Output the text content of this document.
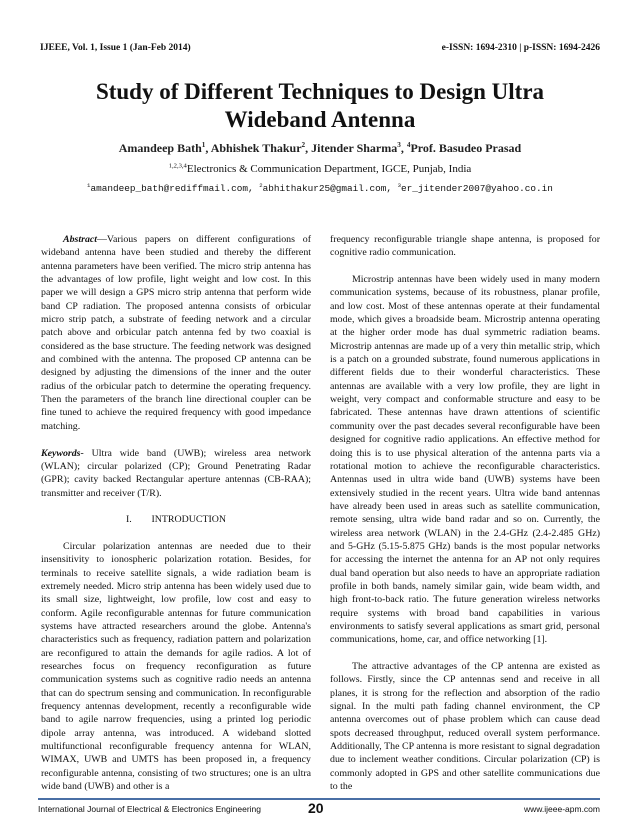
IJEEE, Vol. 1, Issue 1 (Jan-Feb 2014)	e-ISSN: 1694-2310 | p-ISSN: 1694-2426
Study of Different Techniques to Design Ultra
Wideband Antenna
Amandeep Bath$^1$, Abhishek Thakur$^2$, Jitender Sharma$^3$, $^4$Prof. Basudeo Prasad
$^{1,2,3,4}$Electronics & Communication Department, IGCE, Punjab, India
$^1$amandeep_bath@rediffmail.com, $^2$abhithakur25@gmail.com, $^3$er_jitender2007@yahoo.co.in

Abstract—Various papers on different configurations of wideband antenna have been studied and thereby the different antenna parameters have been verified. The micro strip antenna has the advantages of low profile, light weight and low cost. In this paper we will design a GPS micro strip antenna that perform wide band CP radiation. The proposed antenna consists of orbicular micro strip patch, a substrate of feeding network and a circular patch above and orbicular patch antenna fed by two coaxial is considered as the base structure. The feeding network was designed and combined with the antenna. The proposed CP antenna can be designed by adjusting the dimensions of the inner and the outer radius of the orbicular patch to determine the operating frequency. Then the parameters of the branch line directional coupler can be fine tuned to achieve the required frequency with good impedance matching.

Keywords- Ultra wide band (UWB); wireless area network (WLAN); circular polarized (CP); Ground Penetrating Radar (GPR); cavity backed Rectangular aperture antennas (CB-RAA); transmitter and receiver (T/R).

I.  INTRODUCTION

Circular polarization antennas are needed due to their insensitivity to ionospheric polarization rotation. Besides, for terminals to receive satellite signals, a wide radiation beam is extremely needed. Micro strip antenna has been widely used due to its small size, lightweight, low profile, low cost and easy to conform. Agile reconfigurable antennas for future communication systems have attracted researchers around the globe. Antenna's characteristics such as frequency, radiation pattern and polarization are reconfigured to attain the demands for agile radios. A lot of researches focus on frequency reconfiguration as future communication systems such as cognitive radio needs an antenna that can do spectrum sensing and communication. In reconfigurable frequency antennas development, recently a reconfigurable wide band to agile narrow frequencies, using a printed log periodic dipole array antenna, was introduced. A wideband slotted multifunctional reconfigurable frequency antenna for WLAN, WIMAX, UWB and UMTS has been proposed in, a frequency reconfigurable antenna, consisting of two structures; one is an ultra wide band (UWB) and other is a

frequency reconfigurable triangle shape antenna, is proposed for cognitive radio communication.

Microstrip antennas have been widely used in many modern communication systems, because of its robustness, planar profile, and low cost. Most of these antennas operate at their fundamental mode, which gives a broadside beam. Microstrip antenna operating at the higher order mode has dual symmetric radiation beams. Microstrip antennas are made up of a very thin metallic strip, which is a patch on a grounded substrate, found numerous applications in different fields due to their wonderful characteristics. These antennas are available with a very low profile, they are light in weight, very compact and conformable structure and easy to be fabricated. These antennas have drawn attentions of scientific community over the past decades several reconfigurable have been designed for cognitive radio applications. An effective method for doing this is to use physical alteration of the antenna parts via a rotational motion to achieve the reconfigurable characteristics. Antennas used in ultra wide band (UWB) systems have been extensively studied in the recent years. Ultra wide band antennas have already been used in areas such as satellite communication, remote sensing, ultra wide band radar and so on. Currently, the wireless area network (WLAN) in the 2.4-GHz (2.4-2.485 GHz) and 5-GHz (5.15-5.875 GHz) bands is the most popular networks for accessing the internet the antenna for an AP not only requires dual band operation but also needs to have an appropriate radiation profile in both bands, namely similar gain, wide beam width, and high front-to-back ratio. The future generation wireless networks require systems with broad band capabilities in various environments to satisfy several applications as smart grid, personal communications, home, car, and office networking [1].

The attractive advantages of the CP antenna are existed as follows. Firstly, since the CP antennas send and receive in all planes, it is strong for the reflection and absorption of the radio signal. In the multi path fading channel environment, the CP antenna overcomes out of phase problem which can cause dead spots decreased throughput, reduced overall system performance. Additionally, The CP antenna is more resistant to signal degradation due to inclement weather conditions. Circular polarization (CP) is commonly adopted in GPS and other satellite communications due to the

International Journal of Electrical & Electronics Engineering	20	www.ijeee-apm.com
